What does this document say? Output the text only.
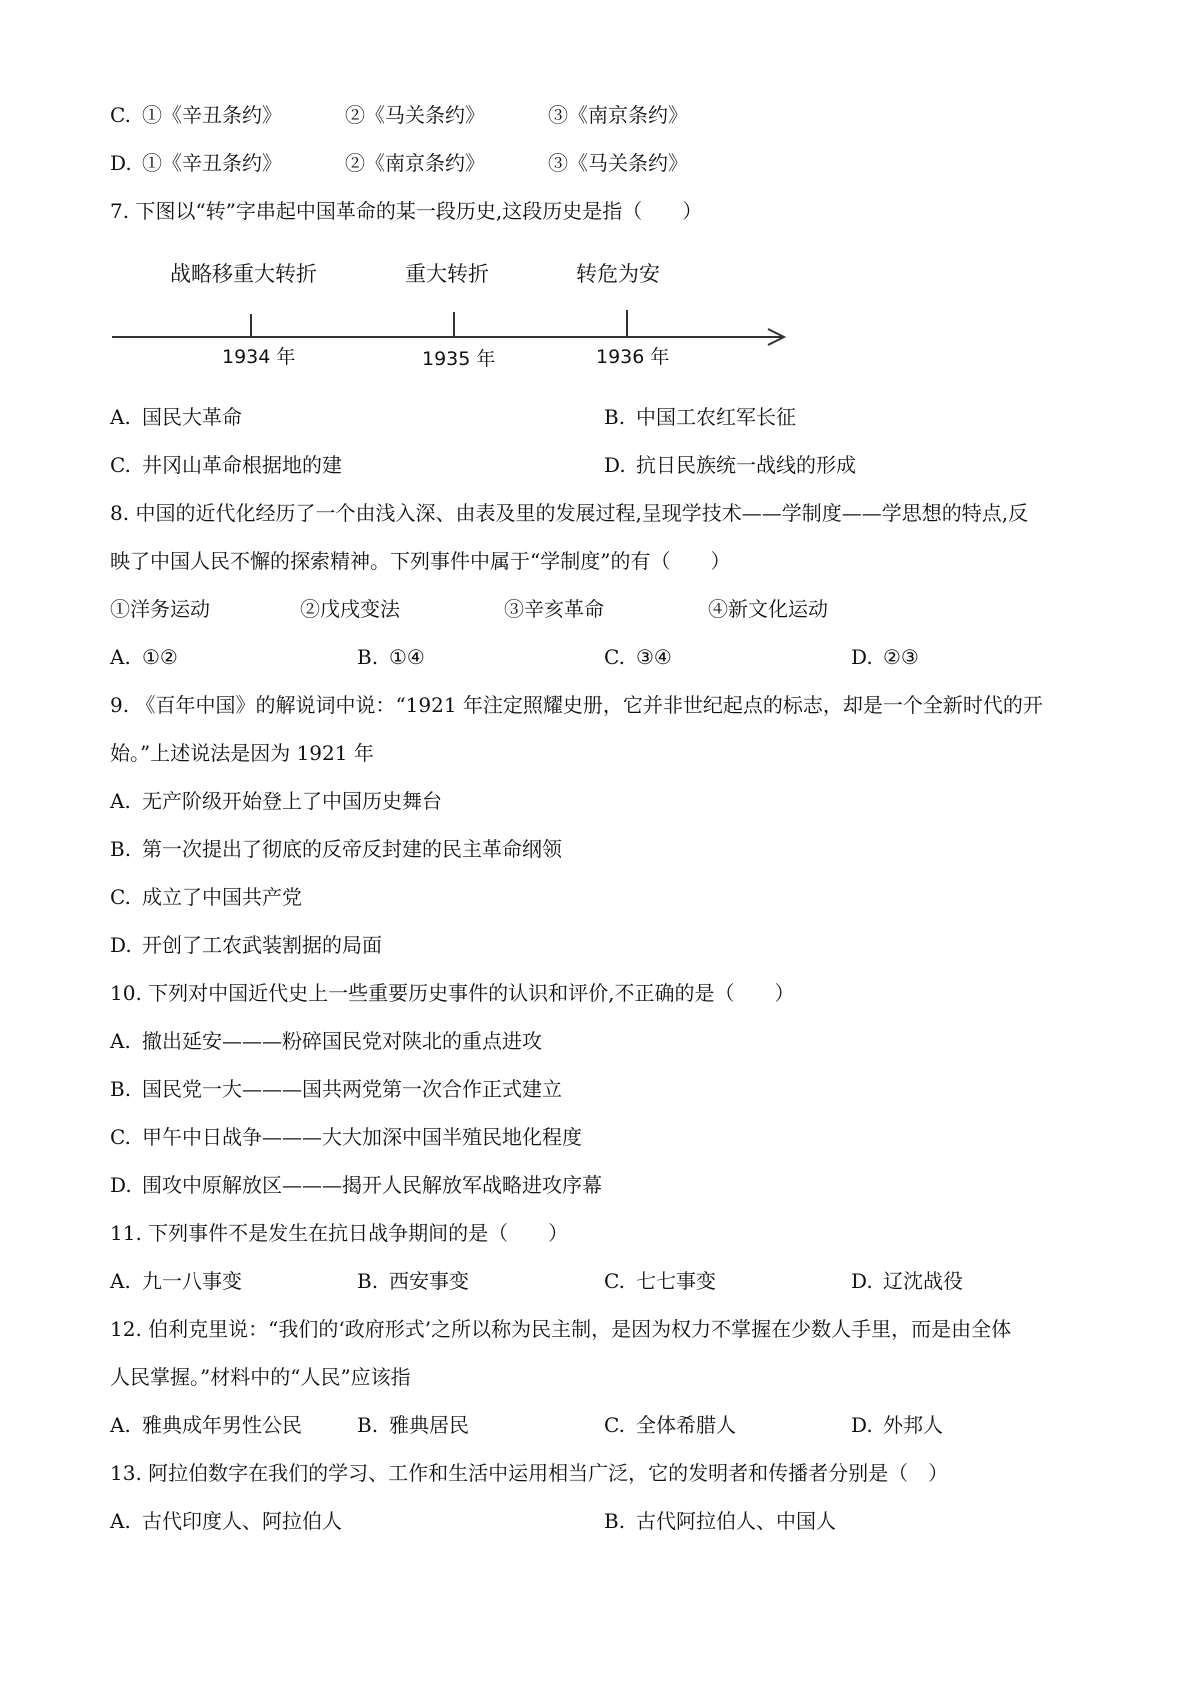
C. ①《辛丑条约》	②《马关条约》	③《南京条约》
D. ①《辛丑条约》	②《南京条约》	③《马关条约》
7. 下图以“转”字串起中国革命的某一段历史,这段历史是指（　　）
战略移重大转折	重大转折	转危为安
1934 年	1935 年	1936 年
A. 国民大革命	B. 中国工农红军长征
C. 井冈山革命根据地的建	D. 抗日民族统一战线的形成
8. 中国的近代化经历了一个由浅入深、由表及里的发展过程,呈现学技术——学制度——学思想的特点,反
映了中国人民不懈的探索精神。下列事件中属于“学制度”的有（　　）
①洋务运动	②戊戌变法	③辛亥革命	④新文化运动
A. ①②	B. ①④	C. ③④	D. ②③
9. 《百年中国》的解说词中说：“1921 年注定照耀史册，它并非世纪起点的标志，却是一个全新时代的开
始。”上述说法是因为 1921 年
A. 无产阶级开始登上了中国历史舞台
B. 第一次提出了彻底的反帝反封建的民主革命纲领
C. 成立了中国共产党
D. 开创了工农武装割据的局面
10. 下列对中国近代史上一些重要历史事件的认识和评价,不正确的是（　　）
A. 撤出延安———粉碎国民党对陕北的重点进攻
B. 国民党一大———国共两党第一次合作正式建立
C. 甲午中日战争———大大加深中国半殖民地化程度
D. 围攻中原解放区———揭开人民解放军战略进攻序幕
11. 下列事件不是发生在抗日战争期间的是（　　）
A. 九一八事变	B. 西安事变	C. 七七事变	D. 辽沈战役
12. 伯利克里说：“我们的‘政府形式’之所以称为民主制，是因为权力不掌握在少数人手里，而是由全体
人民掌握。”材料中的“人民”应该指
A. 雅典成年男性公民	B. 雅典居民	C. 全体希腊人	D. 外邦人
13. 阿拉伯数字在我们的学习、工作和生活中运用相当广泛，它的发明者和传播者分别是（　）
A. 古代印度人、阿拉伯人	B. 古代阿拉伯人、中国人
